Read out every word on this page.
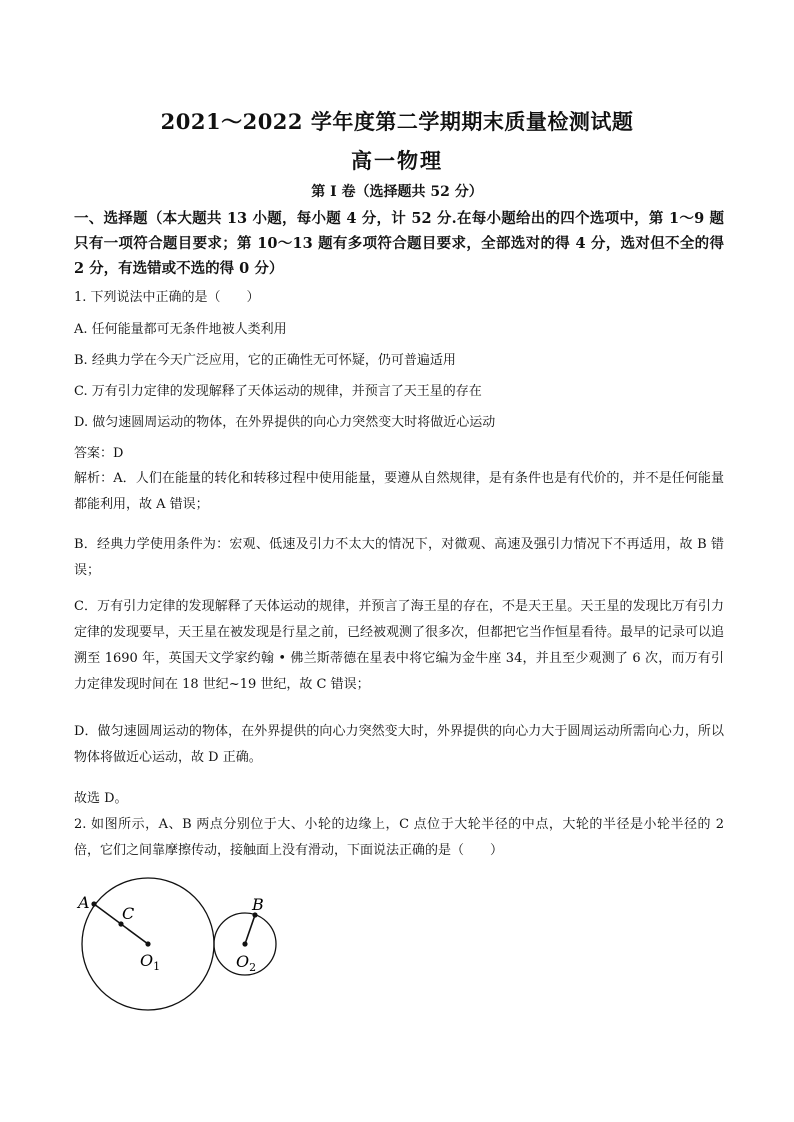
2021～2022 学年度第二学期期末质量检测试题
高一物理
第 I 卷（选择题共 52 分）
一、选择题（本大题共 13 小题，每小题 4 分，计 52 分.在每小题给出的四个选项中，第 1～9 题只有一项符合题目要求；第 10～13 题有多项符合题目要求，全部选对的得 4 分，选对但不全的得 2 分，有选错或不选的得 0 分）
1. 下列说法中正确的是（　　）
A. 任何能量都可无条件地被人类利用
B. 经典力学在今天广泛应用，它的正确性无可怀疑，仍可普遍适用
C. 万有引力定律的发现解释了天体运动的规律，并预言了天王星的存在
D. 做匀速圆周运动的物体，在外界提供的向心力突然变大时将做近心运动
答案：D
解析：A．人们在能量的转化和转移过程中使用能量，要遵从自然规律，是有条件也是有代价的，并不是任何能量都能利用，故 A 错误；
B．经典力学使用条件为：宏观、低速及引力不太大的情况下，对微观、高速及强引力情况下不再适用，故 B 错误；
C．万有引力定律的发现解释了天体运动的规律，并预言了海王星的存在，不是天王星。天王星的发现比万有引力定律的发现要早，天王星在被发现是行星之前，已经被观测了很多次，但都把它当作恒星看待。最早的记录可以追溯至 1690 年，英国天文学家约翰 • 佛兰斯蒂德在星表中将它编为金牛座 34，并且至少观测了 6 次，而万有引力定律发现时间在 18 世纪~19 世纪，故 C 错误；
D．做匀速圆周运动的物体，在外界提供的向心力突然变大时，外界提供的向心力大于圆周运动所需向心力，所以物体将做近心运动，故 D 正确。
故选 D。
2. 如图所示，A、B 两点分别位于大、小轮的边缘上，C 点位于大轮半径的中点，大轮的半径是小轮半径的 2 倍，它们之间靠摩擦传动，接触面上没有滑动，下面说法正确的是（　　）
A
C
$O_1$
B
$O_2$
